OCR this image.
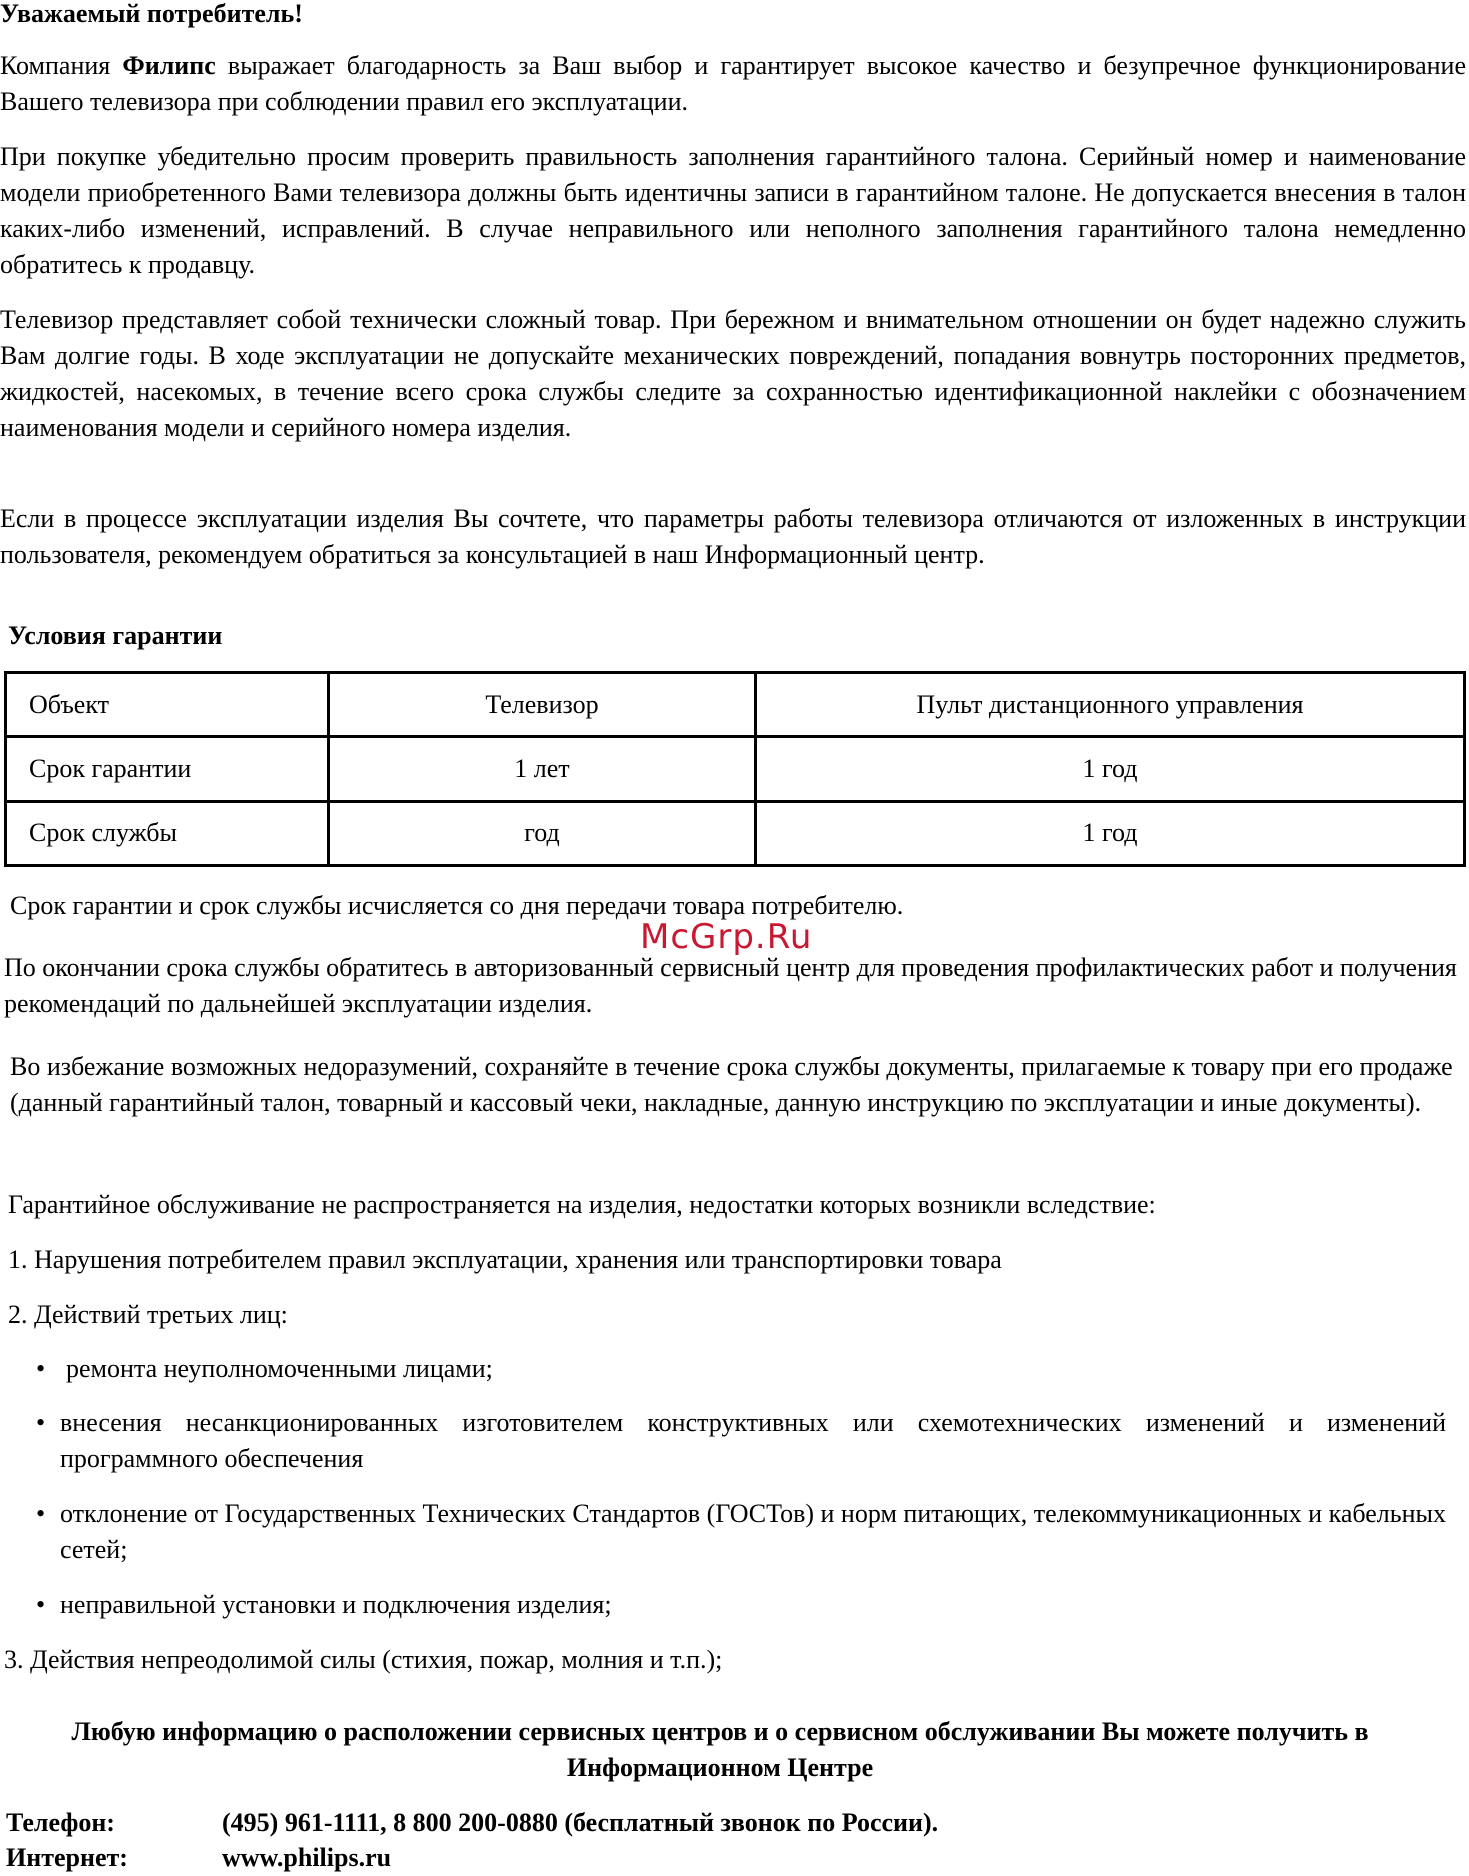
Уважаемый потребитель!
Компания Филипс выражает благодарность за Ваш выбор и гарантирует высокое качество и безупречное функционирование Вашего телевизора при соблюдении правил его эксплуатации.
При покупке убедительно просим проверить правильность заполнения гарантийного талона. Серийный номер и наименование модели приобретенного Вами телевизора должны быть идентичны записи в гарантийном талоне. Не допускается внесения в талон каких-либо изменений, исправлений. В случае неправильного или неполного заполнения гарантийного талона немедленно обратитесь к продавцу.
Телевизор представляет собой технически сложный товар. При бережном и внимательном отношении он будет надежно служить Вам долгие годы. В ходе эксплуатации не допускайте механических повреждений, попадания вовнутрь посторонних предметов, жидкостей, насекомых, в течение всего срока службы следите за сохранностью идентификационной наклейки с обозначением наименования модели и серийного номера изделия.
Если в процессе эксплуатации изделия Вы сочтете, что параметры работы телевизора отличаются от изложенных в инструкции пользователя, рекомендуем обратиться за консультацией в наш Информационный центр.
Условия гарантии
Объект	Телевизор	Пульт дистанционного управления
Срок гарантии	1 лет	1 год
Срок службы	год	1 год
Срок гарантии и срок службы исчисляется со дня передачи товара потребителю.
McGrp.Ru
По окончании срока службы обратитесь в авторизованный сервисный центр для проведения профилактических работ и получения рекомендаций по дальнейшей эксплуатации изделия.
Во избежание возможных недоразумений, сохраняйте в течение срока службы документы, прилагаемые к товару при его продаже (данный гарантийный талон, товарный и кассовый чеки, накладные, данную инструкцию по эксплуатации и иные документы).
Гарантийное обслуживание не распространяется на изделия, недостатки которых возникли вследствие:
1. Нарушения потребителем правил эксплуатации, хранения или транспортировки товара
2. Действий третьих лиц:
• ремонта неуполномоченными лицами;
• внесения несанкционированных изготовителем конструктивных или схемотехнических изменений и изменений программного обеспечения
• отклонение от Государственных Технических Стандартов (ГОСТов) и норм питающих, телекоммуникационных и кабельных сетей;
• неправильной установки и подключения изделия;
3. Действия непреодолимой силы (стихия, пожар, молния и т.п.);
Любую информацию о расположении сервисных центров и о сервисном обслуживании Вы можете получить в Информационном Центре
Телефон:	(495) 961-1111, 8 800 200-0880 (бесплатный звонок по России).
Интернет:	www.philips.ru
